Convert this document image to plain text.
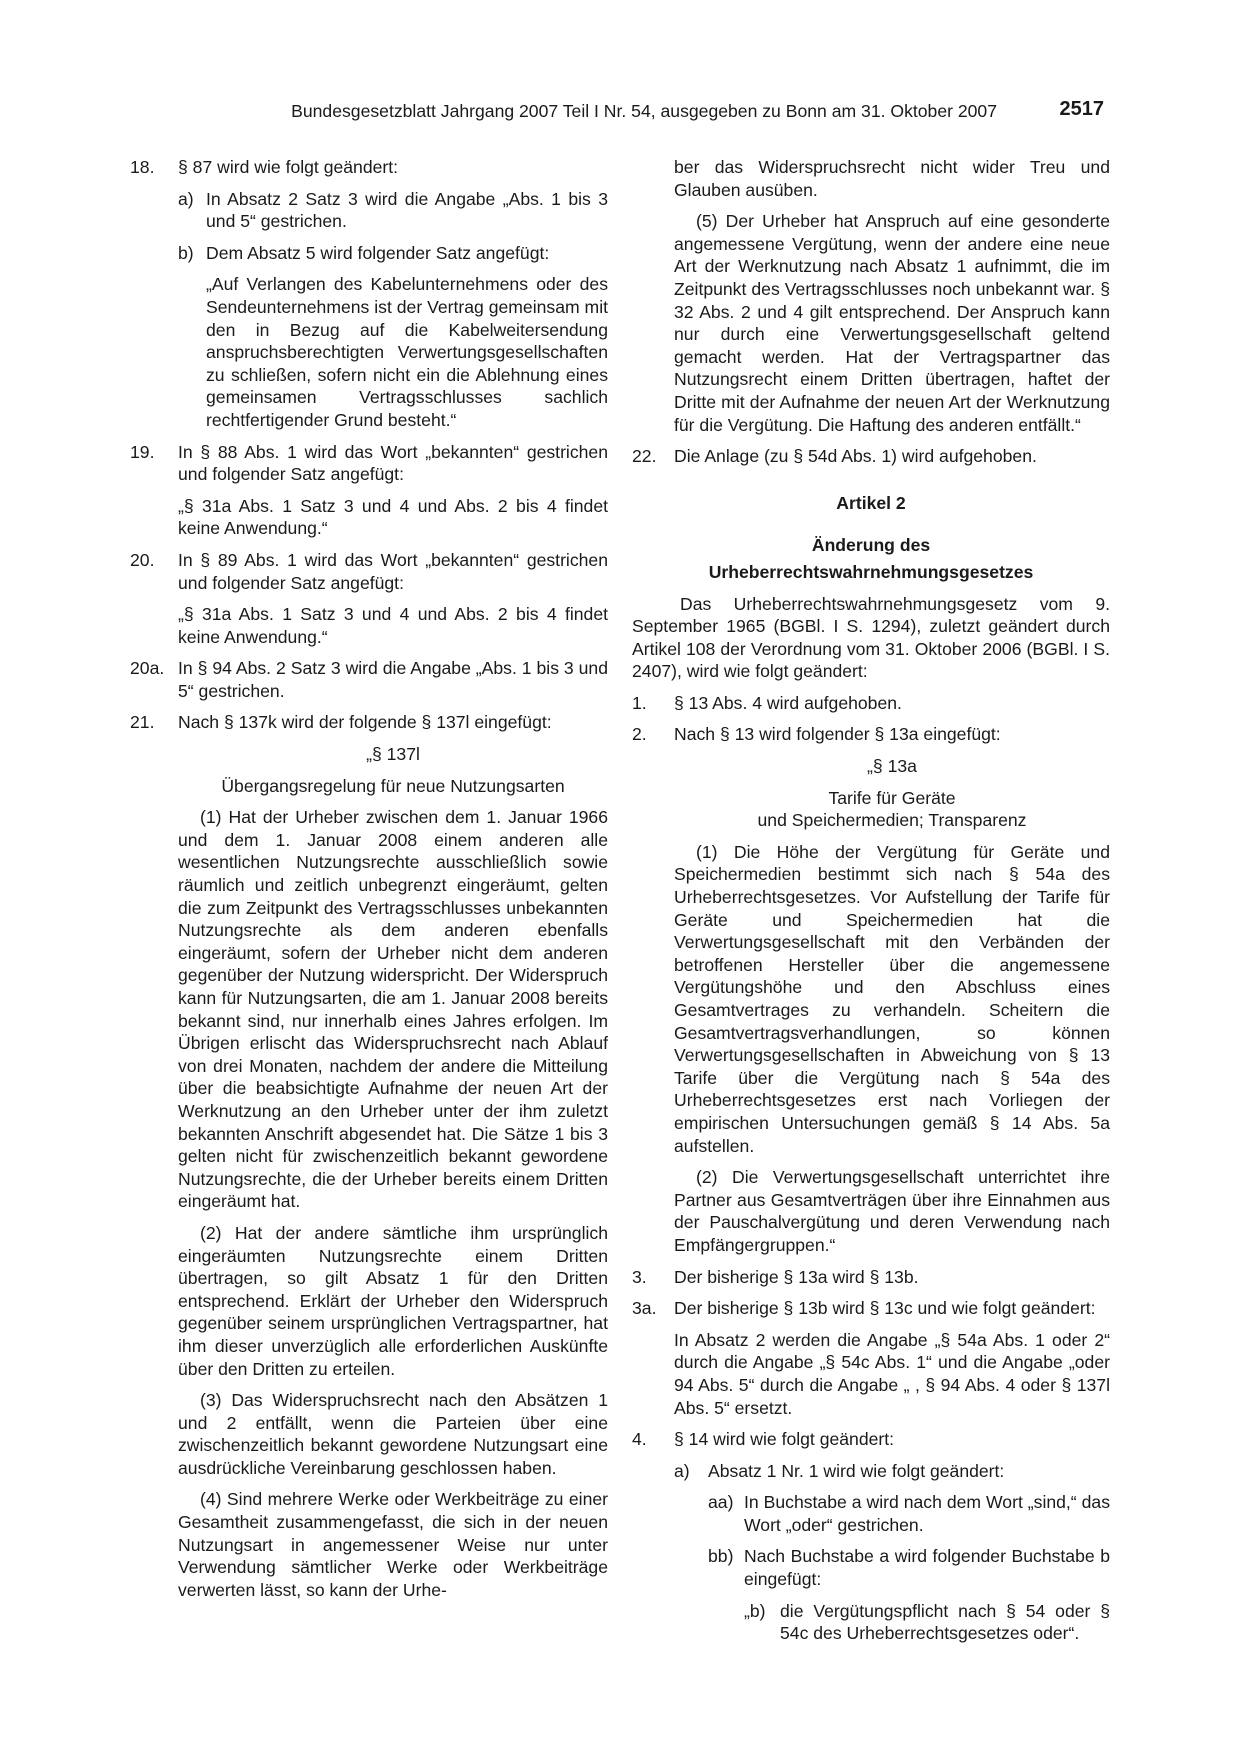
Bundesgesetzblatt Jahrgang 2007 Teil I Nr. 54, ausgegeben zu Bonn am 31. Oktober 2007	2517
18. § 87 wird wie folgt geändert:
a) In Absatz 2 Satz 3 wird die Angabe „Abs. 1 bis 3 und 5“ gestrichen.
b) Dem Absatz 5 wird folgender Satz angefügt:
„Auf Verlangen des Kabelunternehmens oder des Sendeunternehmens ist der Vertrag gemeinsam mit den in Bezug auf die Kabelweitersendung anspruchsberechtigten Verwertungsgesellschaften zu schließen, sofern nicht ein die Ablehnung eines gemeinsamen Vertragsschlusses sachlich rechtfertigender Grund besteht.“
19. In § 88 Abs. 1 wird das Wort „bekannten“ gestrichen und folgender Satz angefügt:
„§ 31a Abs. 1 Satz 3 und 4 und Abs. 2 bis 4 findet keine Anwendung.“
20. In § 89 Abs. 1 wird das Wort „bekannten“ gestrichen und folgender Satz angefügt:
„§ 31a Abs. 1 Satz 3 und 4 und Abs. 2 bis 4 findet keine Anwendung.“
20a. In § 94 Abs. 2 Satz 3 wird die Angabe „Abs. 1 bis 3 und 5“ gestrichen.
21. Nach § 137k wird der folgende § 137l eingefügt:
„§ 137l
Übergangsregelung für neue Nutzungsarten
(1) Hat der Urheber zwischen dem 1. Januar 1966 und dem 1. Januar 2008 einem anderen alle wesentlichen Nutzungsrechte ausschließlich sowie räumlich und zeitlich unbegrenzt eingeräumt, gelten die zum Zeitpunkt des Vertragsschlusses unbekannten Nutzungsrechte als dem anderen ebenfalls eingeräumt, sofern der Urheber nicht dem anderen gegenüber der Nutzung widerspricht. Der Widerspruch kann für Nutzungsarten, die am 1. Januar 2008 bereits bekannt sind, nur innerhalb eines Jahres erfolgen. Im Übrigen erlischt das Widerspruchsrecht nach Ablauf von drei Monaten, nachdem der andere die Mitteilung über die beabsichtigte Aufnahme der neuen Art der Werknutzung an den Urheber unter der ihm zuletzt bekannten Anschrift abgesendet hat. Die Sätze 1 bis 3 gelten nicht für zwischenzeitlich bekannt gewordene Nutzungsrechte, die der Urheber bereits einem Dritten eingeräumt hat.
(2) Hat der andere sämtliche ihm ursprünglich eingeräumten Nutzungsrechte einem Dritten übertragen, so gilt Absatz 1 für den Dritten entsprechend. Erklärt der Urheber den Widerspruch gegenüber seinem ursprünglichen Vertragspartner, hat ihm dieser unverzüglich alle erforderlichen Auskünfte über den Dritten zu erteilen.
(3) Das Widerspruchsrecht nach den Absätzen 1 und 2 entfällt, wenn die Parteien über eine zwischenzeitlich bekannt gewordene Nutzungsart eine ausdrückliche Vereinbarung geschlossen haben.
(4) Sind mehrere Werke oder Werkbeiträge zu einer Gesamtheit zusammengefasst, die sich in der neuen Nutzungsart in angemessener Weise nur unter Verwendung sämtlicher Werke oder Werkbeiträge verwerten lässt, so kann der Urhe-
ber das Widerspruchsrecht nicht wider Treu und Glauben ausüben.
(5) Der Urheber hat Anspruch auf eine gesonderte angemessene Vergütung, wenn der andere eine neue Art der Werknutzung nach Absatz 1 aufnimmt, die im Zeitpunkt des Vertragsschlusses noch unbekannt war. § 32 Abs. 2 und 4 gilt entsprechend. Der Anspruch kann nur durch eine Verwertungsgesellschaft geltend gemacht werden. Hat der Vertragspartner das Nutzungsrecht einem Dritten übertragen, haftet der Dritte mit der Aufnahme der neuen Art der Werknutzung für die Vergütung. Die Haftung des anderen entfällt.“
22. Die Anlage (zu § 54d Abs. 1) wird aufgehoben.
Artikel 2
Änderung des
Urheberrechtswahrnehmungsgesetzes
Das Urheberrechtswahrnehmungsgesetz vom 9. September 1965 (BGBl. I S. 1294), zuletzt geändert durch Artikel 108 der Verordnung vom 31. Oktober 2006 (BGBl. I S. 2407), wird wie folgt geändert:
1. § 13 Abs. 4 wird aufgehoben.
2. Nach § 13 wird folgender § 13a eingefügt:
„§ 13a
Tarife für Geräte
und Speichermedien; Transparenz
(1) Die Höhe der Vergütung für Geräte und Speichermedien bestimmt sich nach § 54a des Urheberrechtsgesetzes. Vor Aufstellung der Tarife für Geräte und Speichermedien hat die Verwertungsgesellschaft mit den Verbänden der betroffenen Hersteller über die angemessene Vergütungshöhe und den Abschluss eines Gesamtvertrages zu verhandeln. Scheitern die Gesamtvertragsverhandlungen, so können Verwertungsgesellschaften in Abweichung von § 13 Tarife über die Vergütung nach § 54a des Urheberrechtsgesetzes erst nach Vorliegen der empirischen Untersuchungen gemäß § 14 Abs. 5a aufstellen.
(2) Die Verwertungsgesellschaft unterrichtet ihre Partner aus Gesamtverträgen über ihre Einnahmen aus der Pauschalvergütung und deren Verwendung nach Empfängergruppen.“
3. Der bisherige § 13a wird § 13b.
3a. Der bisherige § 13b wird § 13c und wie folgt geändert:
In Absatz 2 werden die Angabe „§ 54a Abs. 1 oder 2“ durch die Angabe „§ 54c Abs. 1“ und die Angabe „oder 94 Abs. 5“ durch die Angabe „ , § 94 Abs. 4 oder § 137l Abs. 5“ ersetzt.
4. § 14 wird wie folgt geändert:
a) Absatz 1 Nr. 1 wird wie folgt geändert:
aa) In Buchstabe a wird nach dem Wort „sind,“ das Wort „oder“ gestrichen.
bb) Nach Buchstabe a wird folgender Buchstabe b eingefügt:
„b) die Vergütungspflicht nach § 54 oder § 54c des Urheberrechtsgesetzes oder“.
